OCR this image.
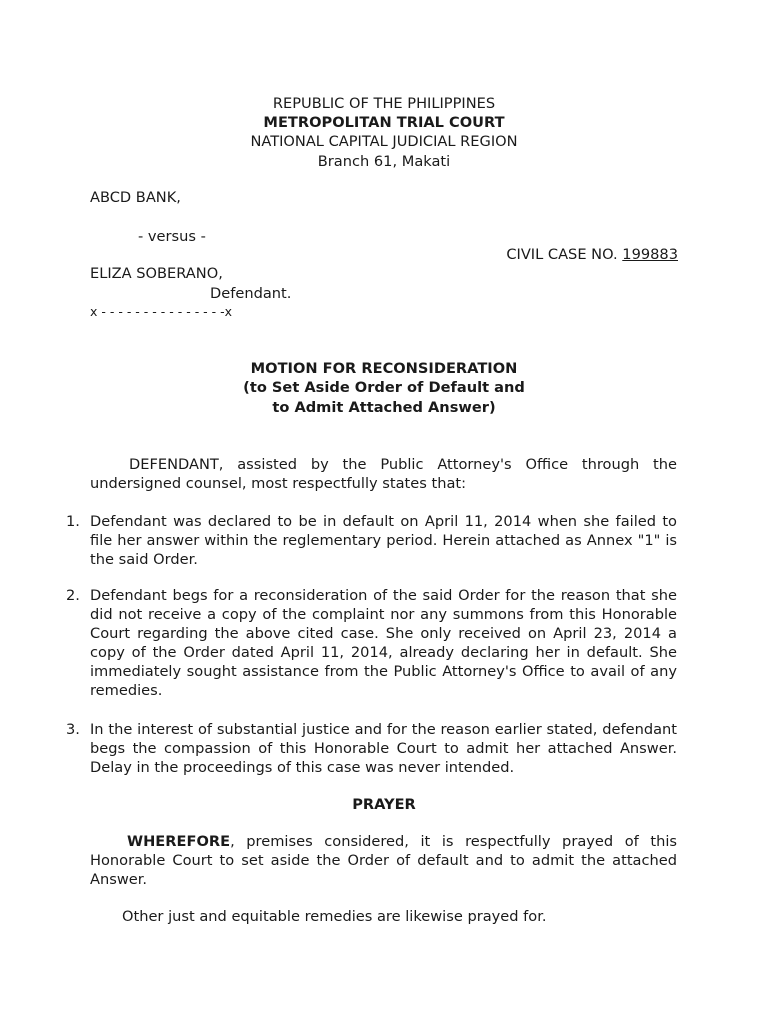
REPUBLIC OF THE PHILIPPINES
METROPOLITAN TRIAL COURT
NATIONAL CAPITAL JUDICIAL REGION
Branch 61, Makati
ABCD BANK,
- versus -
CIVIL CASE NO. 199883
ELIZA SOBERANO,
Defendant.
x - - - - - - - - - - - - - - -x
MOTION FOR RECONSIDERATION
(to Set Aside Order of Default and
to Admit Attached Answer)
DEFENDANT, assisted by the Public Attorney's Office through the undersigned counsel, most respectfully states that:
1. Defendant was declared to be in default on April 11, 2014 when she failed to file her answer within the reglementary period. Herein attached as Annex "1" is the said Order.
2. Defendant begs for a reconsideration of the said Order for the reason that she did not receive a copy of the complaint nor any summons from this Honorable Court regarding the above cited case. She only received on April 23, 2014 a copy of the Order dated April 11, 2014, already declaring her in default. She immediately sought assistance from the Public Attorney's Office to avail of any remedies.
3. In the interest of substantial justice and for the reason earlier stated, defendant begs the compassion of this Honorable Court to admit her attached Answer. Delay in the proceedings of this case was never intended.
PRAYER
WHEREFORE, premises considered, it is respectfully prayed of this Honorable Court to set aside the Order of default and to admit the attached Answer.
Other just and equitable remedies are likewise prayed for.
